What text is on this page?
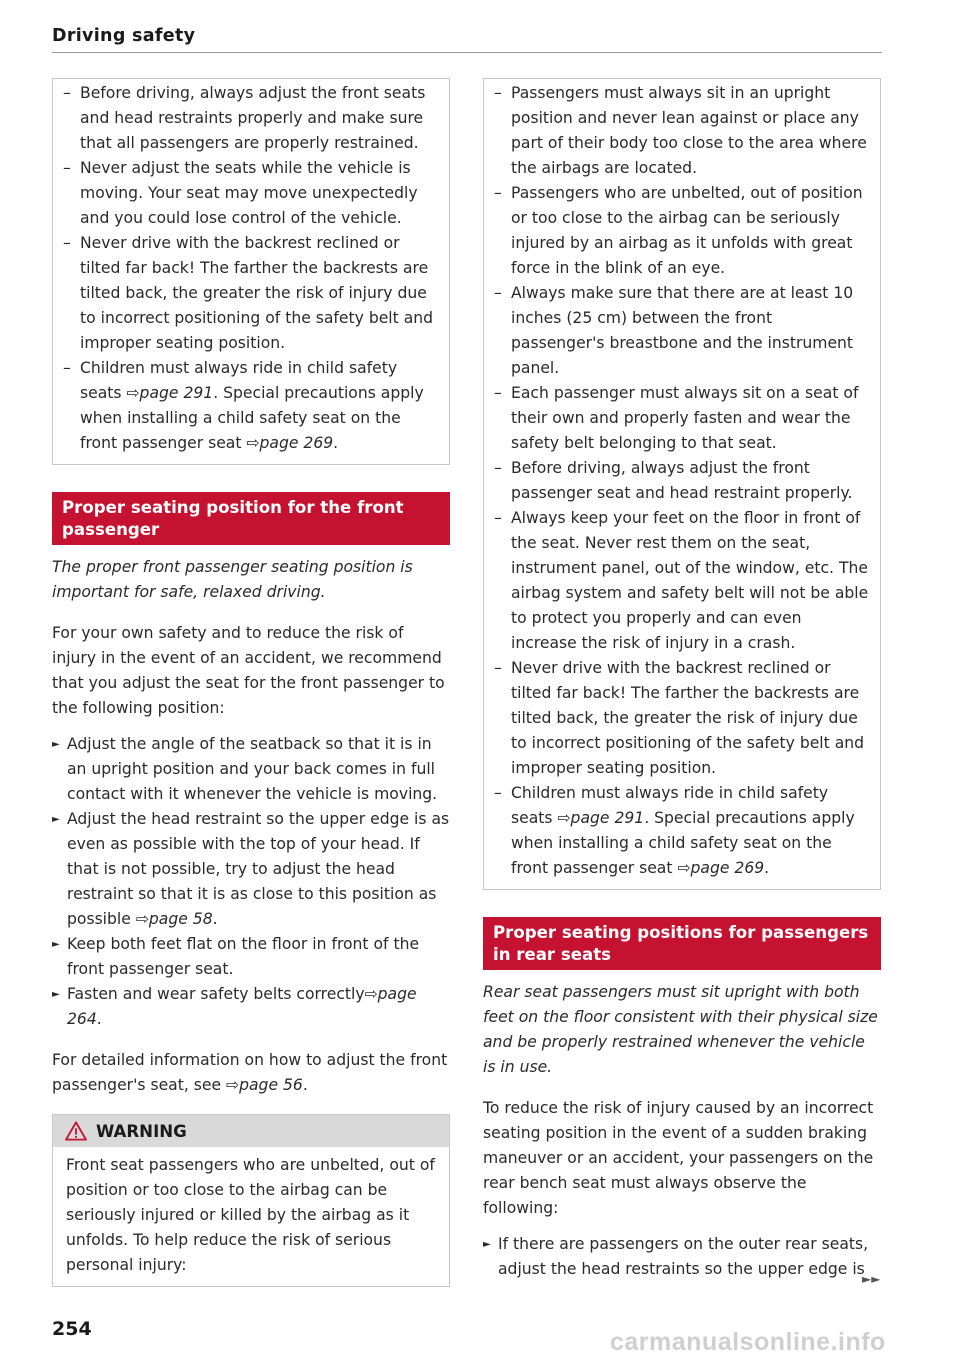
Driving safety
– Before driving, always adjust the front seats and head restraints properly and make sure that all passengers are properly restrained.
– Never adjust the seats while the vehicle is moving. Your seat may move unexpectedly and you could lose control of the vehicle.
– Never drive with the backrest reclined or tilted far back! The farther the backrests are tilted back, the greater the risk of injury due to incorrect positioning of the safety belt and improper seating position.
– Children must always ride in child safety seats ⇨page 291. Special precautions apply when installing a child safety seat on the front passenger seat ⇨page 269.
Proper seating position for the front passenger

The proper front passenger seating position is important for safe, relaxed driving.

For your own safety and to reduce the risk of injury in the event of an accident, we recommend that you adjust the seat for the front passenger to the following position:

► Adjust the angle of the seatback so that it is in an upright position and your back comes in full contact with it whenever the vehicle is moving.
► Adjust the head restraint so the upper edge is as even as possible with the top of your head. If that is not possible, try to adjust the head restraint so that it is as close to this position as possible ⇨page 58.
► Keep both feet flat on the floor in front of the front passenger seat.
► Fasten and wear safety belts correctly⇨page 264.

For detailed information on how to adjust the front passenger's seat, see ⇨page 56.

WARNING
Front seat passengers who are unbelted, out of position or too close to the airbag can be seriously injured or killed by the airbag as it unfolds. To help reduce the risk of serious personal injury:
– Passengers must always sit in an upright position and never lean against or place any part of their body too close to the area where the airbags are located.
– Passengers who are unbelted, out of position or too close to the airbag can be seriously injured by an airbag as it unfolds with great force in the blink of an eye.
– Always make sure that there are at least 10 inches (25 cm) between the front passenger's breastbone and the instrument panel.
– Each passenger must always sit on a seat of their own and properly fasten and wear the safety belt belonging to that seat.
– Before driving, always adjust the front passenger seat and head restraint properly.
– Always keep your feet on the floor in front of the seat. Never rest them on the seat, instrument panel, out of the window, etc. The airbag system and safety belt will not be able to protect you properly and can even increase the risk of injury in a crash.
– Never drive with the backrest reclined or tilted far back! The farther the backrests are tilted back, the greater the risk of injury due to incorrect positioning of the safety belt and improper seating position.
– Children must always ride in child safety seats ⇨page 291. Special precautions apply when installing a child safety seat on the front passenger seat ⇨page 269.
Proper seating positions for passengers in rear seats

Rear seat passengers must sit upright with both feet on the floor consistent with their physical size and be properly restrained whenever the vehicle is in use.

To reduce the risk of injury caused by an incorrect seating position in the event of a sudden braking maneuver or an accident, your passengers on the rear bench seat must always observe the following:

► If there are passengers on the outer rear seats, adjust the head restraints so the upper edge is
►►
254	carmanualsonline.info
